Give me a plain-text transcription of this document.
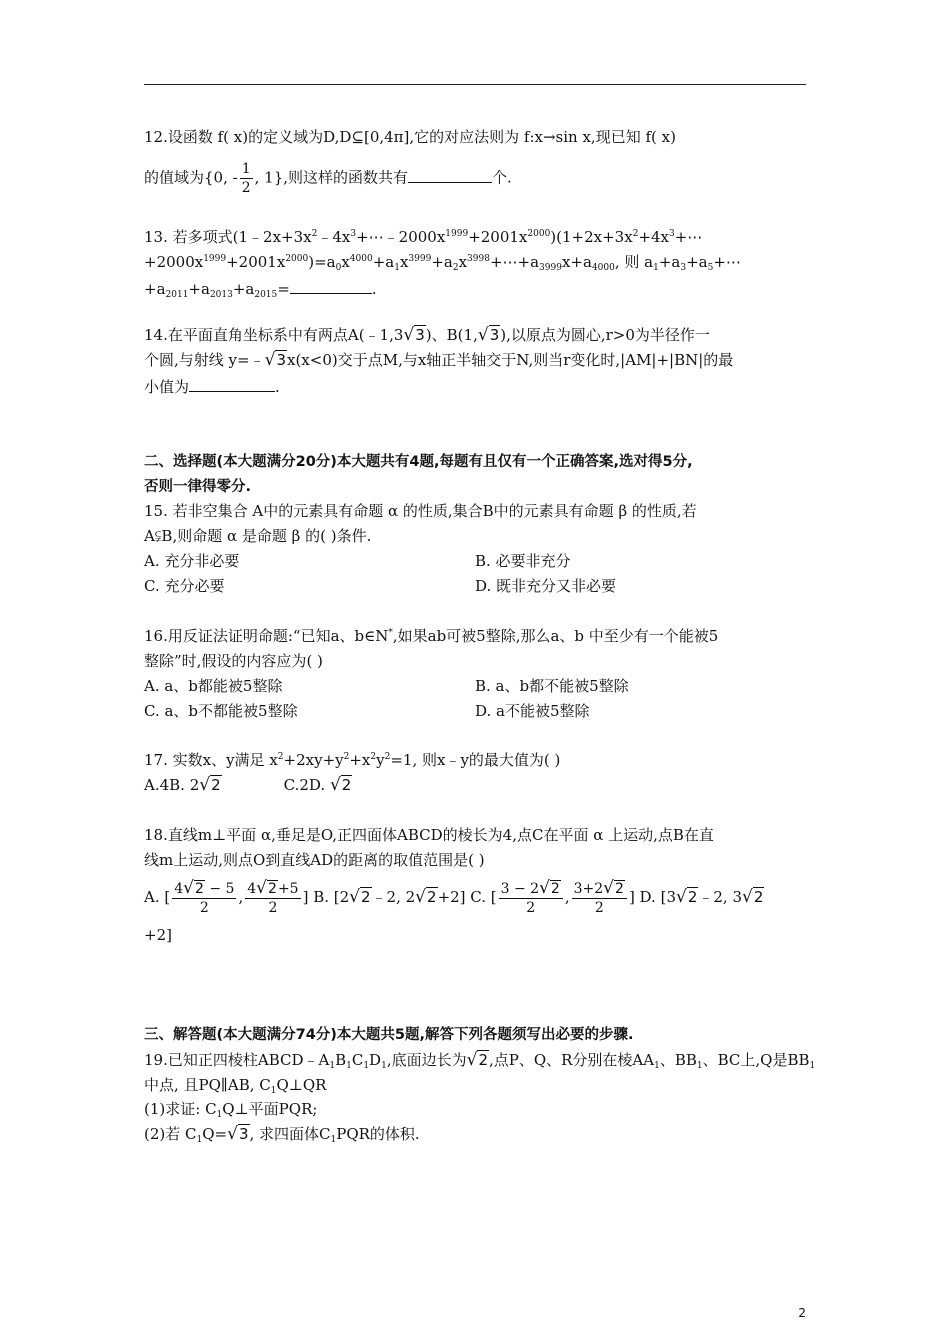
12.设函数 f( x)的定义域为D,D⊆[0,4π],它的对应法则为 f:x→sin x,现已知 f( x)
的值域为{0, - $\frac{1}{2}$ , 1},则这样的函数共有	个.
13. 若多项式$(1﹣2x+3x^2﹣4x^3+\cdots﹣2000x^{1999}+2001x^{2000})(1+2x+3x^2+4x^3+\cdots$
$+2000x^{1999}+2001x^{2000})=a_0x^{4000}+a_1x^{3999}+a_2x^{3998}+\cdots+a_{3999}x+a_{4000}$, 则 $a_1+a_3+a_5+\cdots$
$+a_{2011}+a_{2013}+a_{2015}=$	.
14.在平面直角坐标系中有两点A(﹣1,3√3)、B(1,√3),以原点为圆心,r>0为半径作一
个圆,与射线 y=﹣√3x(x<0)交于点M,与x轴正半轴交于N,则当r变化时,|AM|+|BN|的最
小值为	.
二、选择题(本大题满分20分)本大题共有4题,每题有且仅有一个正确答案,选对得5分,
否则一律得零分.
15. 若非空集合 A中的元素具有命题 α 的性质,集合B中的元素具有命题 β 的性质,若
A⫋B,则命题 α 是命题 β 的( )条件.
A. 充分非必要	B. 必要非充分
C. 充分必要	D. 既非充分又非必要
16.用反证法证明命题:“已知a、b∈N*,如果ab可被5整除,那么a、b 中至少有一个能被5
整除”时,假设的内容应为( )
A. a、b都能被5整除	B. a、b都不能被5整除
C. a、b不都能被5整除	D. a不能被5整除
17. 实数x、y满足 $x^2+2xy+y^2+x^2y^2=1$, 则x﹣y的最大值为( )
A.4B. 2√2	C.2D. √2
18.直线m⊥平面 α,垂足是O,正四面体ABCD的棱长为4,点C在平面 α 上运动,点B在直
线m上运动,则点O到直线AD的距离的取值范围是( )
A. [ $\frac{4√2 - 5}{2}$ , $\frac{4√2+5}{2}$ ] B. [2√2﹣2, 2√2+2] C. [ $\frac{3 - 2√2}{2}$ , $\frac{3+2√2}{2}$ ] D. [3√2﹣2, 3√2
+2]
三、解答题(本大题满分74分)本大题共5题,解答下列各题须写出必要的步骤.
19.已知正四棱柱$ABCD﹣A_1B_1C_1D_1$,底面边长为√2,点P、Q、R分别在棱$AA_1$、$BB_1$、BC上,Q是$BB_1$
中点, 且PQ∥AB, $C_1Q\perp QR$
(1)求证: $C_1Q\perp$平面PQR;
(2)若 $C_1Q=√3$, 求四面体$C_1PQR$的体积.
2
